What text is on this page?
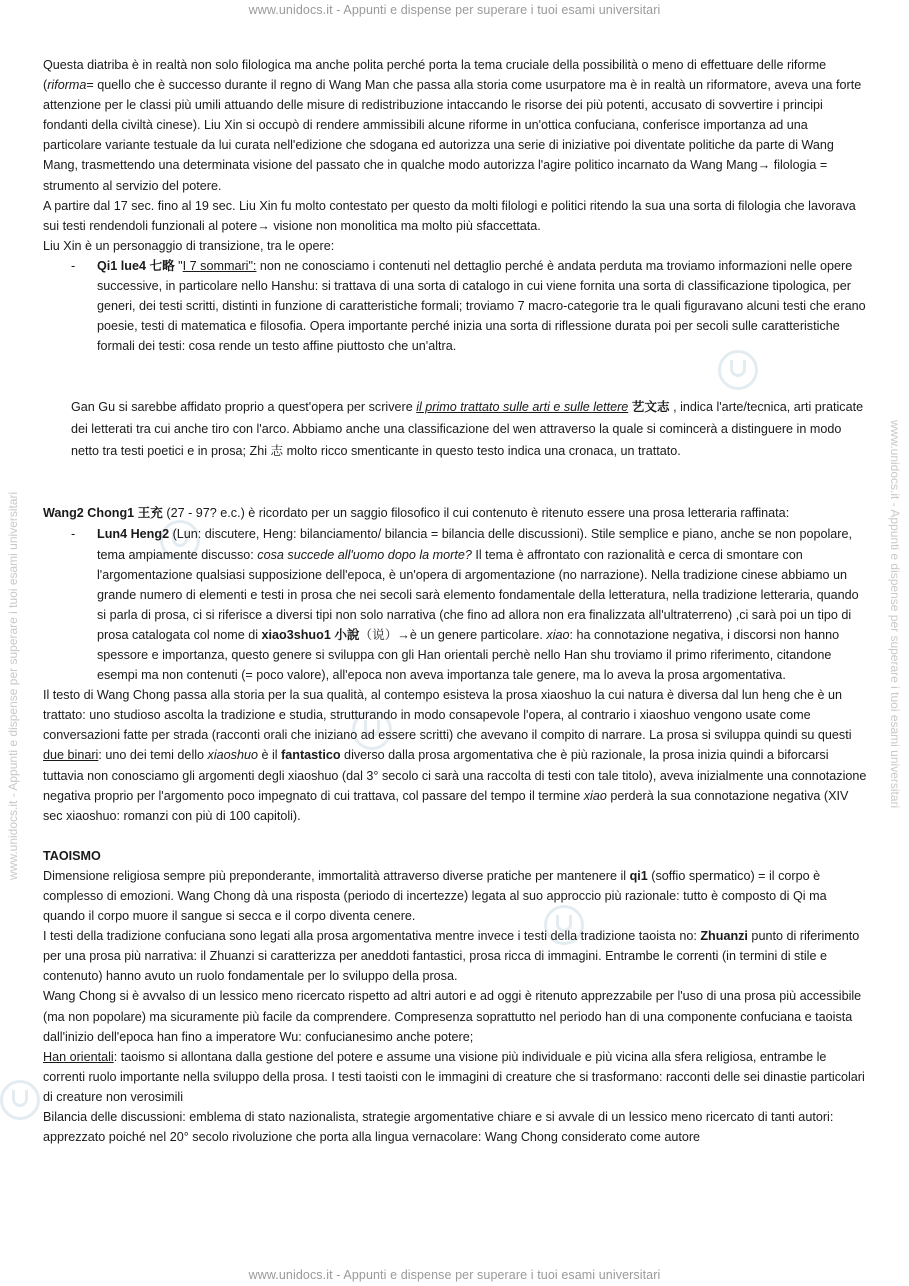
www.unidocs.it - Appunti e dispense per superare i tuoi esami universitari
www.unidocs.it - Appunti e dispense per superare i tuoi esami universitari
www.unidocs.it - Appunti e dispense per superare i tuoi esami universitari	www.unidocs.it - Appunti e dispense per superare i tuoi esami universitari

Questa diatriba è in realtà non solo filologica ma anche polita perché porta la tema cruciale della possibilità o meno di effettuare delle riforme (riforma= quello che è successo durante il regno di Wang Man che passa alla storia come usurpatore ma è in realtà un riformatore, aveva una forte attenzione per le classi più umili attuando delle misure di redistribuzione intaccando le risorse dei più potenti, accusato di sovvertire i principi fondanti della civiltà cinese). Liu Xin si occupò di rendere ammissibili alcune riforme in un'ottica confuciana, conferisce importanza ad una particolare variante testuale da lui curata nell'edizione che sdogana ed autorizza una serie di iniziative poi diventate politiche da parte di Wang Mang, trasmettendo una determinata visione del passato che in qualche modo autorizza l'agire politico incarnato da Wang Mang→ filologia = strumento al servizio del potere.

A partire dal 17 sec. fino al 19 sec. Liu Xin fu molto contestato per questo da molti filologi e politici ritendo la sua una sorta di filologia che lavorava sui testi rendendoli funzionali al potere→ visione non monolitica ma molto più sfaccettata.

Liu Xin è un personaggio di transizione, tra le opere:

- Qi1 lue4 七略 "I 7 sommari": non ne conosciamo i contenuti nel dettaglio perché è andata perduta ma troviamo informazioni nelle opere successive, in particolare nello Hanshu: si trattava di una sorta di catalogo in cui viene fornita una sorta di classificazione tipologica, per generi, dei testi scritti, distinti in funzione di caratteristiche formali; troviamo 7 macro-categorie tra le quali figuravano alcuni testi che erano poesie, testi di matematica e filosofia. Opera importante perché inizia una sorta di riflessione durata poi per secoli sulle caratteristiche formali dei testi: cosa rende un testo affine piuttosto che un'altra.

Gan Gu si sarebbe affidato proprio a quest'opera per scrivere il primo trattato sulle arti e sulle lettere 艺文志 , indica l'arte/tecnica, arti praticate dei letterati tra cui anche tiro con l'arco. Abbiamo anche una classificazione del wen attraverso la quale si comincerà a distinguere in modo netto tra testi poetici e in prosa; Zhi 志 molto ricco smenticante in questo testo indica una cronaca, un trattato.

Wang2 Chong1 王充 (27 - 97? e.c.) è ricordato per un saggio filosofico il cui contenuto è ritenuto essere una prosa letteraria raffinata:

- Lun4 Heng2 (Lun: discutere, Heng: bilanciamento/ bilancia = bilancia delle discussioni). Stile semplice e piano, anche se non popolare, tema ampiamente discusso: cosa succede all'uomo dopo la morte? Il tema è affrontato con razionalità e cerca di smontare con l'argomentazione qualsiasi supposizione dell'epoca, è un'opera di argomentazione (no narrazione). Nella tradizione cinese abbiamo un grande numero di elementi e testi in prosa che nei secoli sarà elemento fondamentale della letteratura, nella tradizione letteraria, quando si parla di prosa, ci si riferisce a diversi tipi non solo narrativa (che fino ad allora non era finalizzata all'ultraterreno) ,ci sarà poi un tipo di prosa catalogata col nome di xiao3shuo1 小說（说）→è un genere particolare. xiao: ha connotazione negativa, i discorsi non hanno spessore e importanza, questo genere si sviluppa con gli Han orientali perchè nello Han shu troviamo il primo riferimento, citandone esempi ma non contenuti (= poco valore), all'epoca non aveva importanza tale genere, ma lo aveva la prosa argomentativa.

Il testo di Wang Chong passa alla storia per la sua qualità, al contempo esisteva la prosa xiaoshuo la cui natura è diversa dal lun heng che è un trattato: uno studioso ascolta la tradizione e studia, strutturando in modo consapevole l'opera, al contrario i xiaoshuo vengono usate come conversazioni fatte per strada (racconti orali che iniziano ad essere scritti) che avevano il compito di narrare. La prosa si sviluppa quindi su questi due binari: uno dei temi dello xiaoshuo è il fantastico diverso dalla prosa argomentativa che è più razionale, la prosa inizia quindi a biforcarsi tuttavia non conosciamo gli argomenti degli xiaoshuo (dal 3° secolo ci sarà una raccolta di testi con tale titolo), aveva inizialmente una connotazione negativa proprio per l'argomento poco impegnato di cui trattava, col passare del tempo il termine xiao perderà la sua connotazione negativa (XIV sec xiaoshuo: romanzi con più di 100 capitoli).

TAOISMO

Dimensione religiosa sempre più preponderante, immortalità attraverso diverse pratiche per mantenere il qi1 (soffio spermatico) = il corpo è complesso di emozioni. Wang Chong dà una risposta (periodo di incertezze) legata al suo approccio più razionale: tutto è composto di Qi ma quando il corpo muore il sangue si secca e il corpo diventa cenere.

I testi della tradizione confuciana sono legati alla prosa argomentativa mentre invece i testi della tradizione taoista no: Zhuanzi punto di riferimento per una prosa più narrativa: il Zhuanzi si caratterizza per aneddoti fantastici, prosa ricca di immagini. Entrambe le correnti (in termini di stile e contenuto) hanno avuto un ruolo fondamentale per lo sviluppo della prosa.

Wang Chong si è avvalso di un lessico meno ricercato rispetto ad altri autori e ad oggi è ritenuto apprezzabile per l'uso di una prosa più accessibile (ma non popolare) ma sicuramente più facile da comprendere. Compresenza soprattutto nel periodo han di una componente confuciana e taoista dall'inizio dell'epoca han fino a imperatore Wu: confucianesimo anche potere;

Han orientali: taoismo si allontana dalla gestione del potere e assume una visione più individuale e più vicina alla sfera religiosa, entrambe le correnti ruolo importante nella sviluppo della prosa. I testi taoisti con le immagini di creature che si trasformano: racconti delle sei dinastie particolari di creature non verosimili

Bilancia delle discussioni: emblema di stato nazionalista, strategie argomentative chiare e si avvale di un lessico meno ricercato di tanti autori: apprezzato poiché nel 20° secolo rivoluzione che porta alla lingua vernacolare: Wang Chong considerato come autore
